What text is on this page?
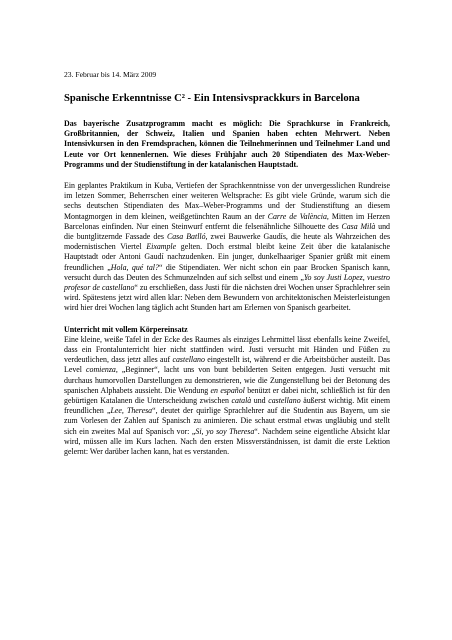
23. Februar bis 14. März 2009

Spanische Erkenntnisse C² - Ein Intensivsprackkurs in Barcelona

Das bayerische Zusatzprogramm macht es möglich: Die Sprachkurse in Frankreich, Großbritannien, der Schweiz, Italien und Spanien haben echten Mehrwert. Neben Intensivkursen in den Fremdsprachen, können die Teilnehmerinnen und Teilnehmer Land und Leute vor Ort kennenlernen. Wie dieses Frühjahr auch 20 Stipendiaten des Max-Weber-Programms und der Studienstiftung in der katalanischen Hauptstadt.

Ein geplantes Praktikum in Kuba, Vertiefen der Sprachkenntnisse von der unvergesslichen Rundreise im letzen Sommer, Beherrschen einer weiteren Weltsprache: Es gibt viele Gründe, warum sich die sechs deutschen Stipendiaten des Max–Weber-Programms und der Studienstiftung an diesem Montagmorgen in dem kleinen, weißgetünchten Raum an der Carre de València, Mitten im Herzen Barcelonas einfinden. Nur einen Steinwurf entfernt die felsenähnliche Silhouette des Casa Milà und die buntglitzernde Fassade des Casa Batlló, zwei Bauwerke Gaudís, die heute als Wahrzeichen des modernistischen Viertel Eixample gelten. Doch erstmal bleibt keine Zeit über die katalanische Hauptstadt oder Antoni Gaudí nachzudenken. Ein junger, dunkelhaariger Spanier grüßt mit einem freundlichen „Hola, qué tal?“ die Stipendiaten. Wer nicht schon ein paar Brocken Spanisch kann, versucht durch das Deuten des Schmunzelnden auf sich selbst und einem „Yo soy Justi Lopez, vuestro profesor de castellano“ zu erschließen, dass Justi für die nächsten drei Wochen unser Sprachlehrer sein wird. Spätestens jetzt wird allen klar: Neben dem Bewundern von architektonischen Meisterleistungen wird hier drei Wochen lang täglich acht Stunden hart am Erlernen von Spanisch gearbeitet.

Unterricht mit vollem Körpereinsatz

Eine kleine, weiße Tafel in der Ecke des Raumes als einziges Lehrmittel lässt ebenfalls keine Zweifel, dass ein Frontalunterricht hier nicht stattfinden wird. Justi versucht mit Händen und Füßen zu verdeutlichen, dass jetzt alles auf castellano eingestellt ist, während er die Arbeitsbücher austeilt. Das Level comienza, „Beginner“, lacht uns von bunt bebilderten Seiten entgegen. Justi versucht mit durchaus humorvollen Darstellungen zu demonstrieren, wie die Zungenstellung bei der Betonung des spanischen Alphabets aussieht. Die Wendung en español benützt er dabei nicht, schließlich ist für den gebürtigen Katalanen die Unterscheidung zwischen català und castellano äußerst wichtig. Mit einem freundlichen „Lee, Theresa“, deutet der quirlige Sprachlehrer auf die Studentin aus Bayern, um sie zum Vorlesen der Zahlen auf Spanisch zu animieren. Die schaut erstmal etwas ungläubig und stellt sich ein zweites Mal auf Spanisch vor: „Si, yo soy Theresa“. Nachdem seine eigentliche Absicht klar wird, müssen alle im Kurs lachen. Nach den ersten Missverständnissen, ist damit die erste Lektion gelernt: Wer darüber lachen kann, hat es verstanden.
